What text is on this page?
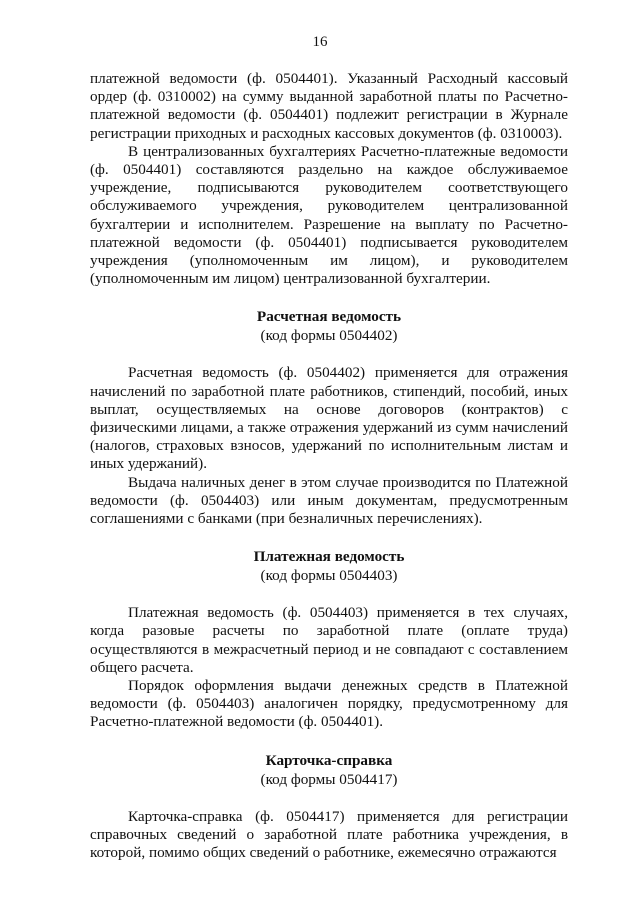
16

платежной ведомости (ф. 0504401). Указанный Расходный кассовый ордер (ф. 0310002) на сумму выданной заработной платы по Расчетно-платежной ведомости (ф. 0504401) подлежит регистрации в Журнале регистрации приходных и расходных кассовых документов (ф. 0310003).

В централизованных бухгалтериях Расчетно-платежные ведомости (ф. 0504401) составляются раздельно на каждое обслуживаемое учреждение, подписываются руководителем соответствующего обслуживаемого учреждения, руководителем централизованной бухгалтерии и исполнителем. Разрешение на выплату по Расчетно-платежной ведомости (ф. 0504401) подписывается руководителем учреждения (уполномоченным им лицом), и руководителем (уполномоченным им лицом) централизованной бухгалтерии.

Расчетная ведомость
(код формы 0504402)

Расчетная ведомость (ф. 0504402) применяется для отражения начислений по заработной плате работников, стипендий, пособий, иных выплат, осуществляемых на основе договоров (контрактов) с физическими лицами, а также отражения удержаний из сумм начислений (налогов, страховых взносов, удержаний по исполнительным листам и иных удержаний).

Выдача наличных денег в этом случае производится по Платежной ведомости (ф. 0504403) или иным документам, предусмотренным соглашениями с банками (при безналичных перечислениях).

Платежная ведомость
(код формы 0504403)

Платежная ведомость (ф. 0504403) применяется в тех случаях, когда разовые расчеты по заработной плате (оплате труда) осуществляются в межрасчетный период и не совпадают с составлением общего расчета.

Порядок оформления выдачи денежных средств в Платежной ведомости (ф. 0504403) аналогичен порядку, предусмотренному для Расчетно-платежной ведомости (ф. 0504401).

Карточка-справка
(код формы 0504417)

Карточка-справка (ф. 0504417) применяется для регистрации справочных сведений о заработной плате работника учреждения, в которой, помимо общих сведений о работнике, ежемесячно отражаются
